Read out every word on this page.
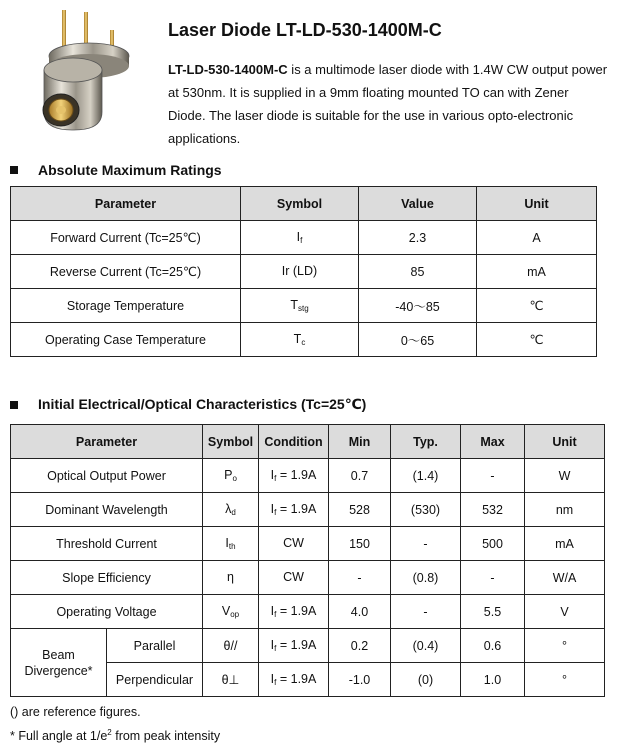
Laser Diode LT-LD-530-1400M-C

LT-LD-530-1400M-C is a multimode laser diode with 1.4W CW output power at 530nm. It is supplied in a 9mm floating mounted TO can with Zener Diode. The laser diode is suitable for the use in various opto-electronic applications.

Absolute Maximum Ratings
Parameter	Symbol	Value	Unit
Forward Current (Tc=25℃)	$I_f$	2.3	A
Reverse Current (Tc=25℃)	Ir (LD)	85	mA
Storage Temperature	$T_{stg}$	-40～85	℃
Operating Case Temperature	$T_c$	0～65	℃
Initial Electrical/Optical Characteristics (Tc=25℃)
Parameter		Symbol	Condition	Min	Typ.	Max	Unit
Optical Output Power		$P_o$	$I_f = 1.9A$	0.7	(1.4)	-	W
Dominant Wavelength		$\lambda_d$	$I_f = 1.9A$	528	(530)	532	nm
Threshold Current		$I_{th}$	CW	150	-	500	mA
Slope Efficiency		η	CW	-	(0.8)	-	W/A
Operating Voltage		$V_{op}$	$I_f = 1.9A$	4.0	-	5.5	V
Beam
Divergence*	Parallel	θ//	$I_f = 1.9A$	0.2	(0.4)	0.6	°
	Perpendicular	θ⊥	$I_f = 1.9A$	-1.0	(0)	1.0	°

() are reference figures.

* Full angle at $1/e^2$ from peak intensity
